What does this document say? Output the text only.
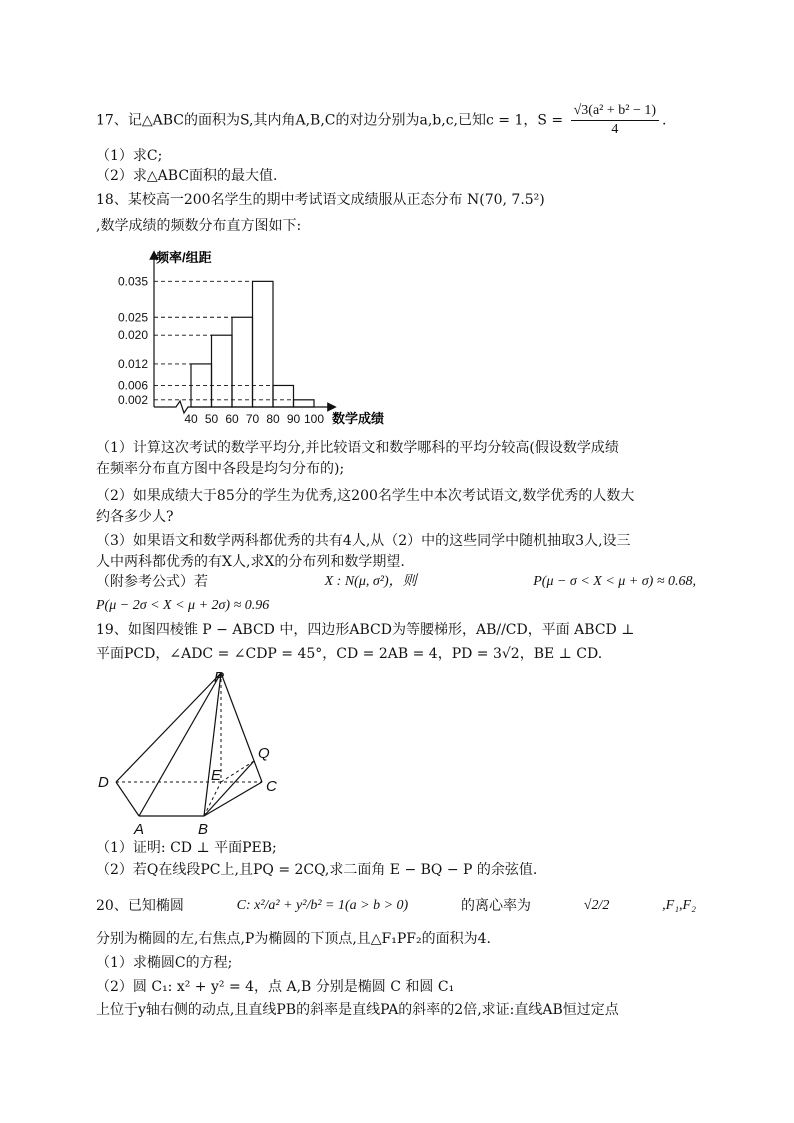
17、记△ABC的面积为S,其内角A,B,C的对边分别为a,b,c,已知c = 1，$S = \frac{\text{√3(a² + b² − 1)}}{4}$ .
（1）求C;
（2）求△ABC面积的最大值.
18、某校高一200名学生的期中考试语文成绩服从正态分布 N(70, 7.5²)
,数学成绩的频数分布直方图如下:
0.035
0.025
0.020
0.012
0.006
0.002
40 50 60 70 80 90 100
频率/组距
数学成绩
（1）计算这次考试的数学平均分,并比较语文和数学哪科的平均分较高(假设数学成绩
在频率分布直方图中各段是均匀分布的);
（2）如果成绩大于85分的学生为优秀,这200名学生中本次考试语文,数学优秀的人数大
约各多少人?
（3）如果语文和数学两科都优秀的共有4人,从（2）中的这些同学中随机抽取3人,设三
人中两科都优秀的有X人,求X的分布列和数学期望.
（附参考公式）若	X : N(μ, σ²)，则	P(μ − σ < X < μ + σ) ≈ 0.68,
P(μ − 2σ < X < μ + 2σ) ≈ 0.96
19、如图四棱锥 P − ABCD 中，四边形ABCD为等腰梯形，AB//CD，平面 ABCD ⊥
平面PCD，∠ADC = ∠CDP = 45°，CD = 2AB = 4，PD = 3√2，BE ⊥ CD.
P
Q
E
D	C
A	B
（1）证明: CD ⊥ 平面PEB;
（2）若Q在线段PC上,且PQ = 2CQ,求二面角 E − BQ − P 的余弦值.
20、已知椭圆	C: x²/a² + y²/b² = 1(a > b > 0)	的离心率为	√2/2	,F₁,F₂
分别为椭圆的左,右焦点,P为椭圆的下顶点,且△F₁PF₂的面积为4.
（1）求椭圆C的方程;
（2）圆 C₁: x² + y² = 4，点 A,B 分别是椭圆 C 和圆 C₁
上位于y轴右侧的动点,且直线PB的斜率是直线PA的斜率的2倍,求证:直线AB恒过定点
